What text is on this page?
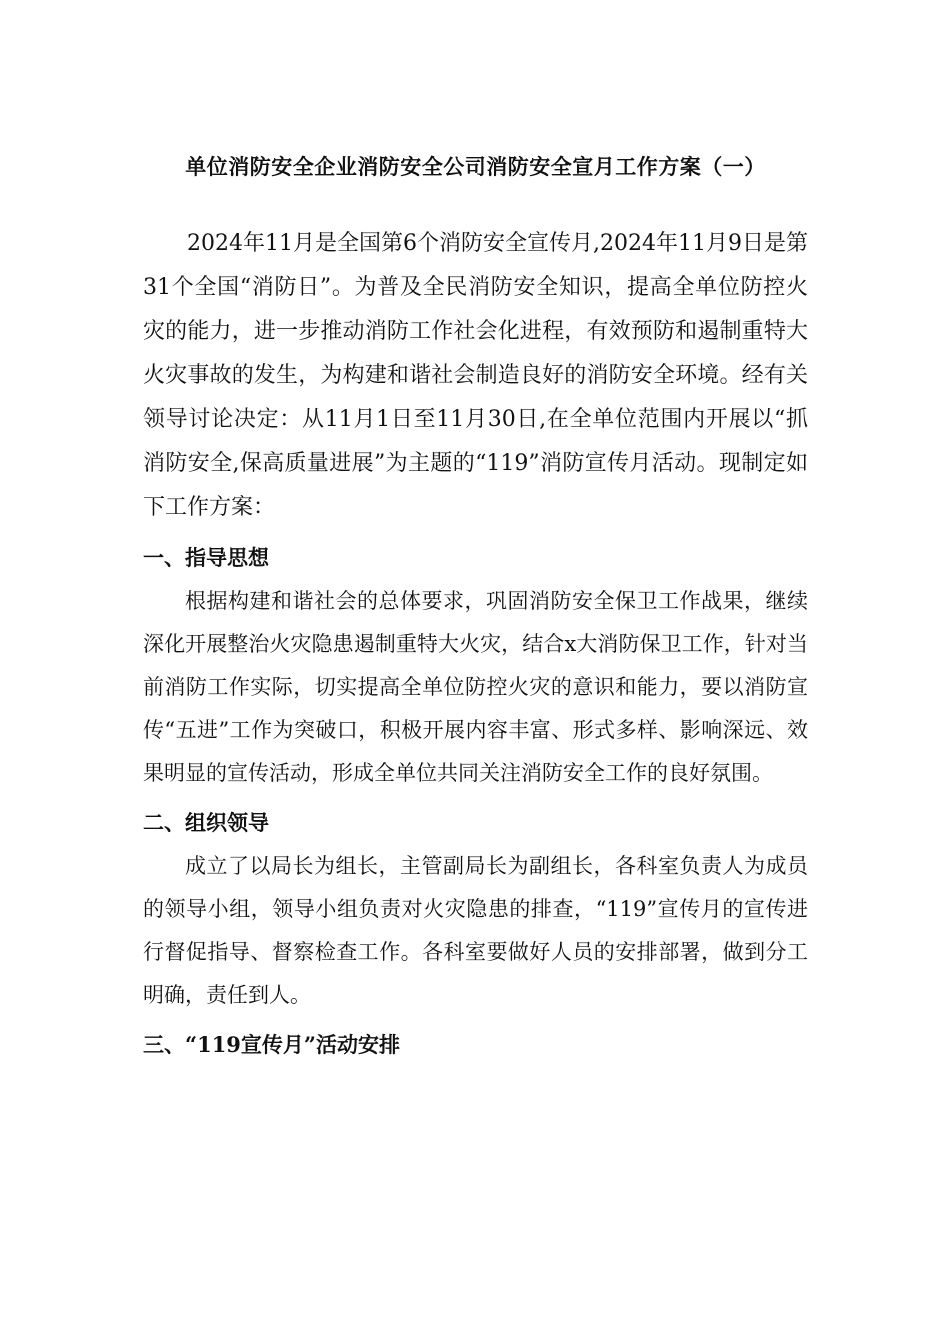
单位消防安全企业消防安全公司消防安全宣月工作方案（一）

2024年11月是全国第6个消防安全宣传月,2024年11月9日是第31个全国“消防日”。为普及全民消防安全知识，提高全单位防控火灾的能力，进一步推动消防工作社会化进程，有效预防和遏制重特大火灾事故的发生，为构建和谐社会制造良好的消防安全环境。经有关领导讨论决定：从11月1日至11月30日,在全单位范围内开展以“抓消防安全,保高质量进展”为主题的“119”消防宣传月活动。现制定如下工作方案：

一、指导思想

根据构建和谐社会的总体要求，巩固消防安全保卫工作战果，继续深化开展整治火灾隐患遏制重特大火灾，结合x大消防保卫工作，针对当前消防工作实际，切实提高全单位防控火灾的意识和能力，要以消防宣传“五进”工作为突破口，积极开展内容丰富、形式多样、影响深远、效果明显的宣传活动，形成全单位共同关注消防安全工作的良好氛围。

二、组织领导

成立了以局长为组长，主管副局长为副组长，各科室负责人为成员的领导小组，领导小组负责对火灾隐患的排查，“119”宣传月的宣传进行督促指导、督察检查工作。各科室要做好人员的安排部署，做到分工明确，责任到人。

三、“119宣传月”活动安排
